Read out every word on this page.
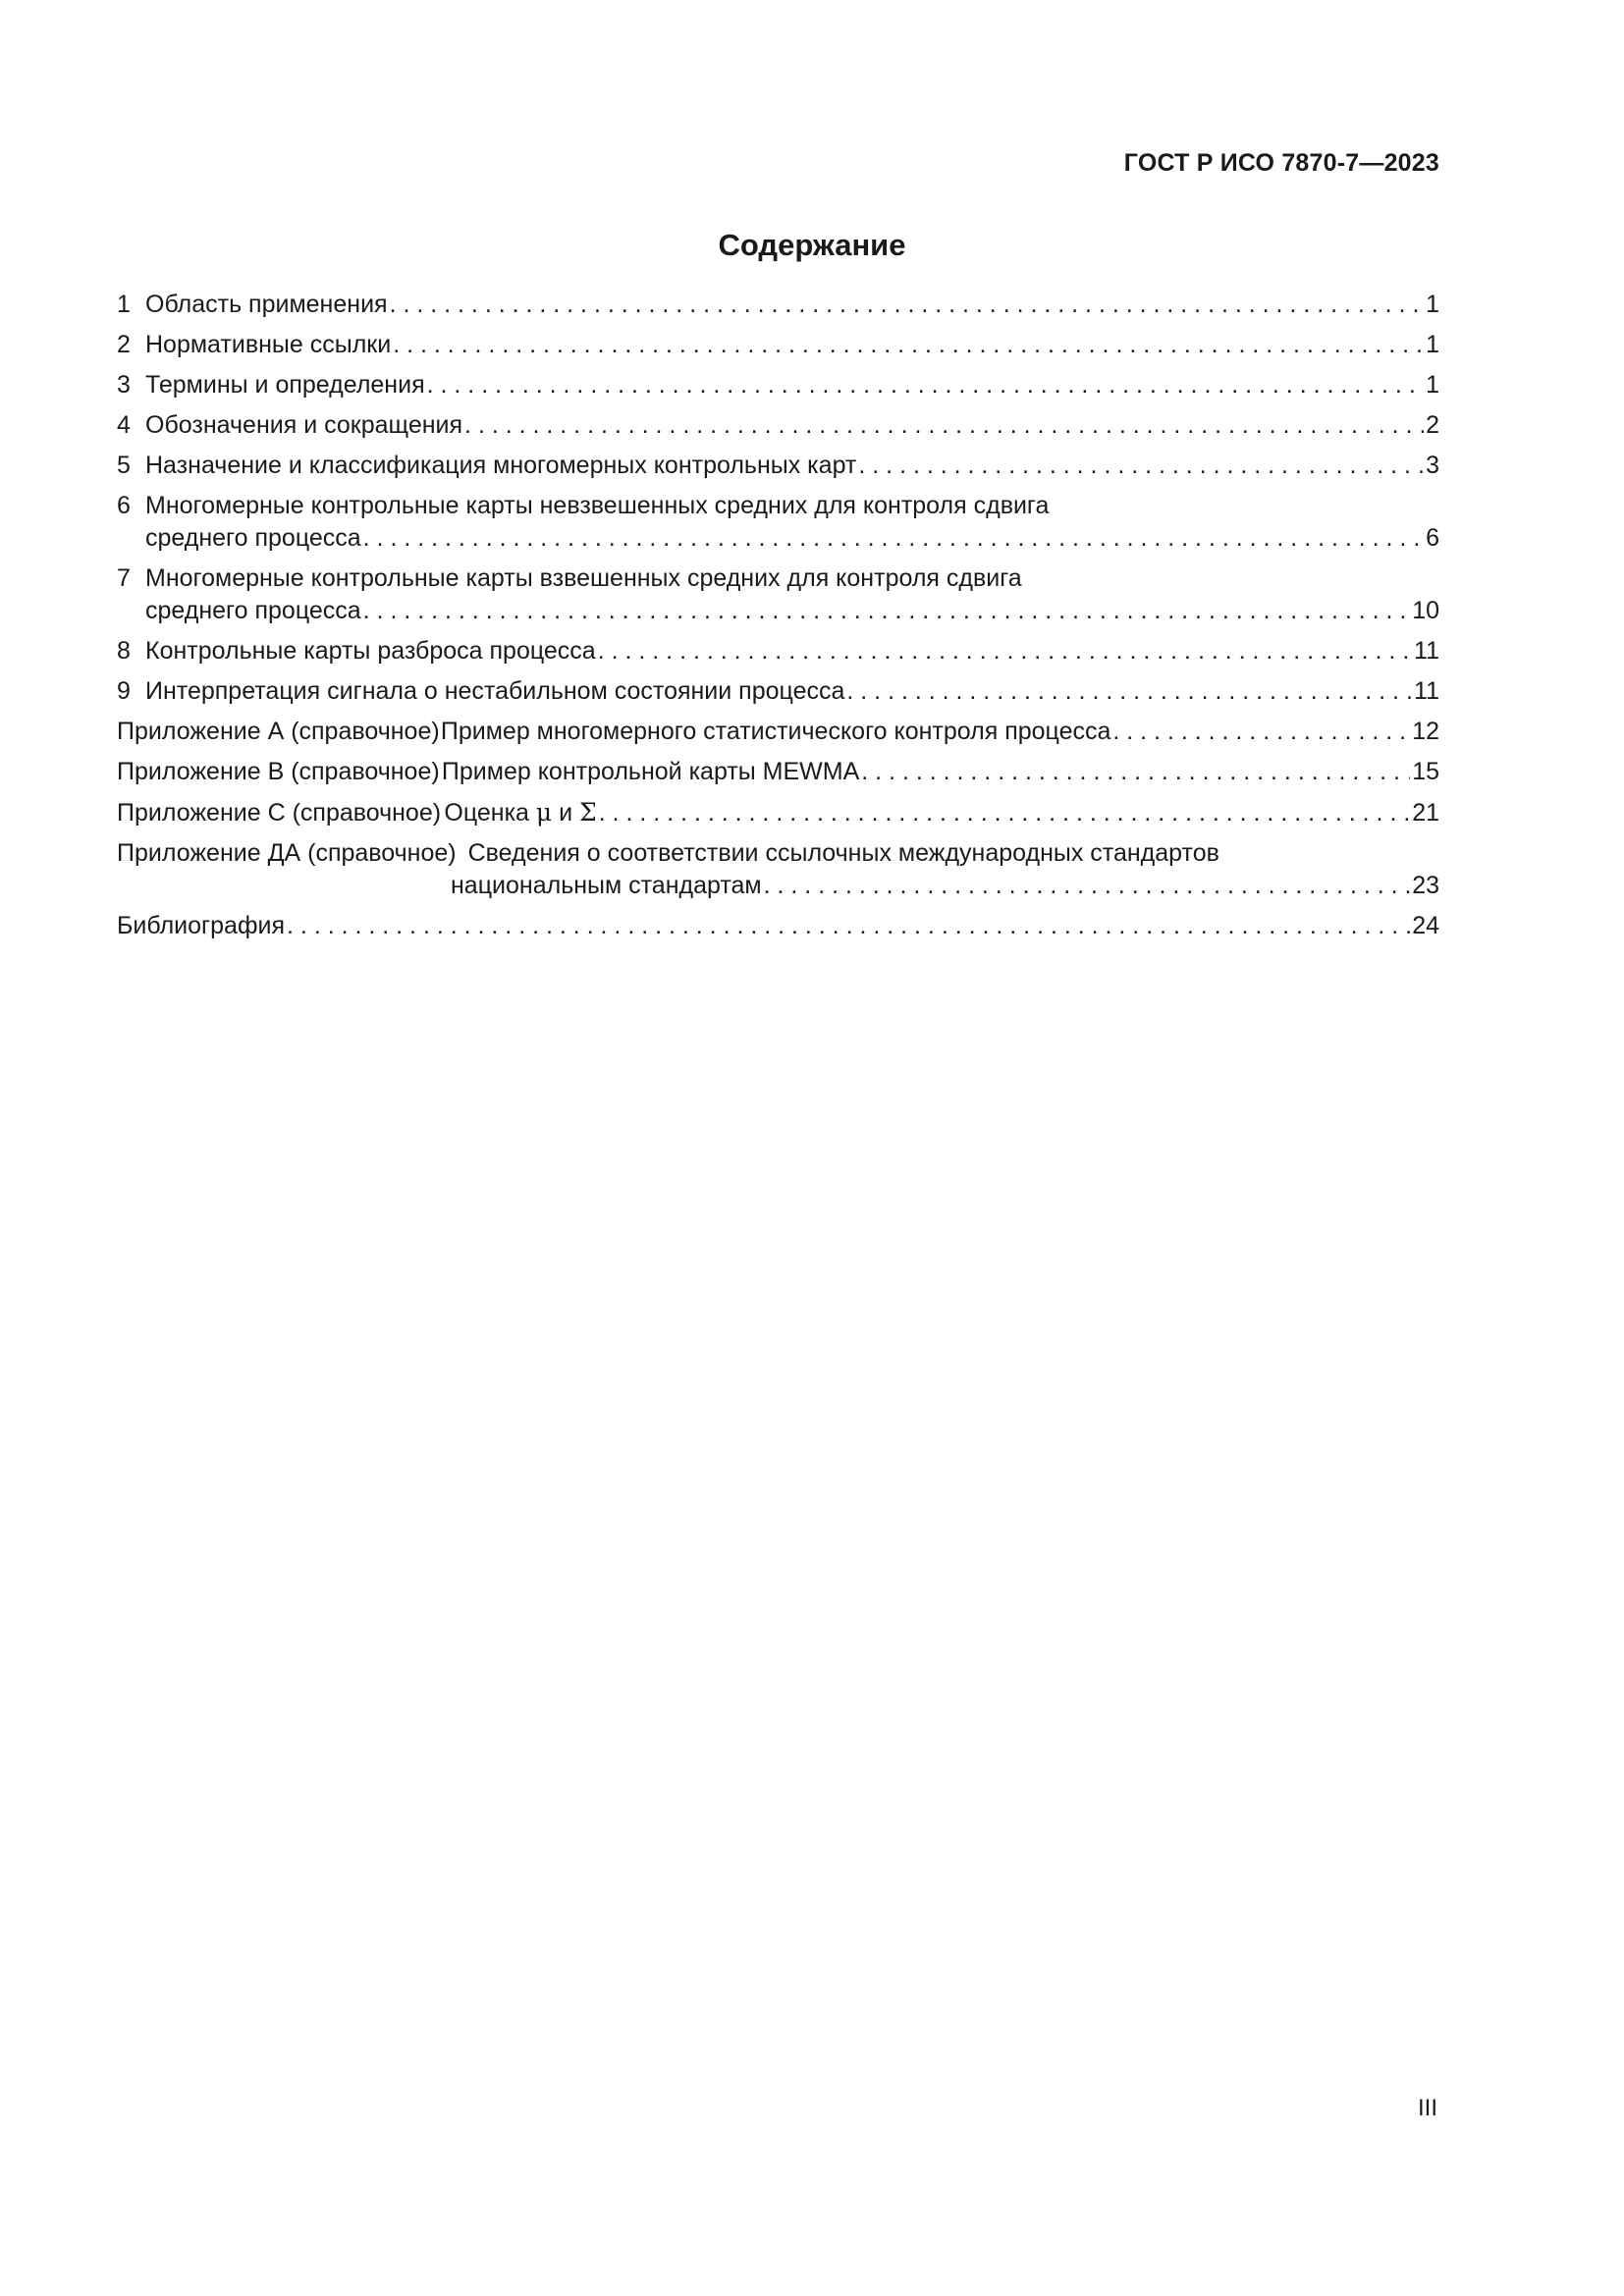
ГОСТ Р ИСО 7870-7—2023
Содержание
1 Область применения . . .	1
2 Нормативные ссылки . . .	1
3 Термины и определения . . .	1
4 Обозначения и сокращения . . .	2
5 Назначение и классификация многомерных контрольных карт . . .	3
6 Многомерные контрольные карты невзвешенных средних для контроля сдвига
среднего процесса . . .	6
7 Многомерные контрольные карты взвешенных средних для контроля сдвига
среднего процесса . . .	10
8 Контрольные карты разброса процесса . . .	11
9 Интерпретация сигнала о нестабильном состоянии процесса . . .	11
Приложение А (справочное) Пример многомерного статистического контроля процесса . . .	12
Приложение В (справочное) Пример контрольной карты MEWMA . . .	15
Приложение С (справочное) Оценка μ и Σ . . .	21
Приложение ДА (справочное) Сведения о соответствии ссылочных международных стандартов
национальным стандартам . . .	23
Библиография . . .	24
III
